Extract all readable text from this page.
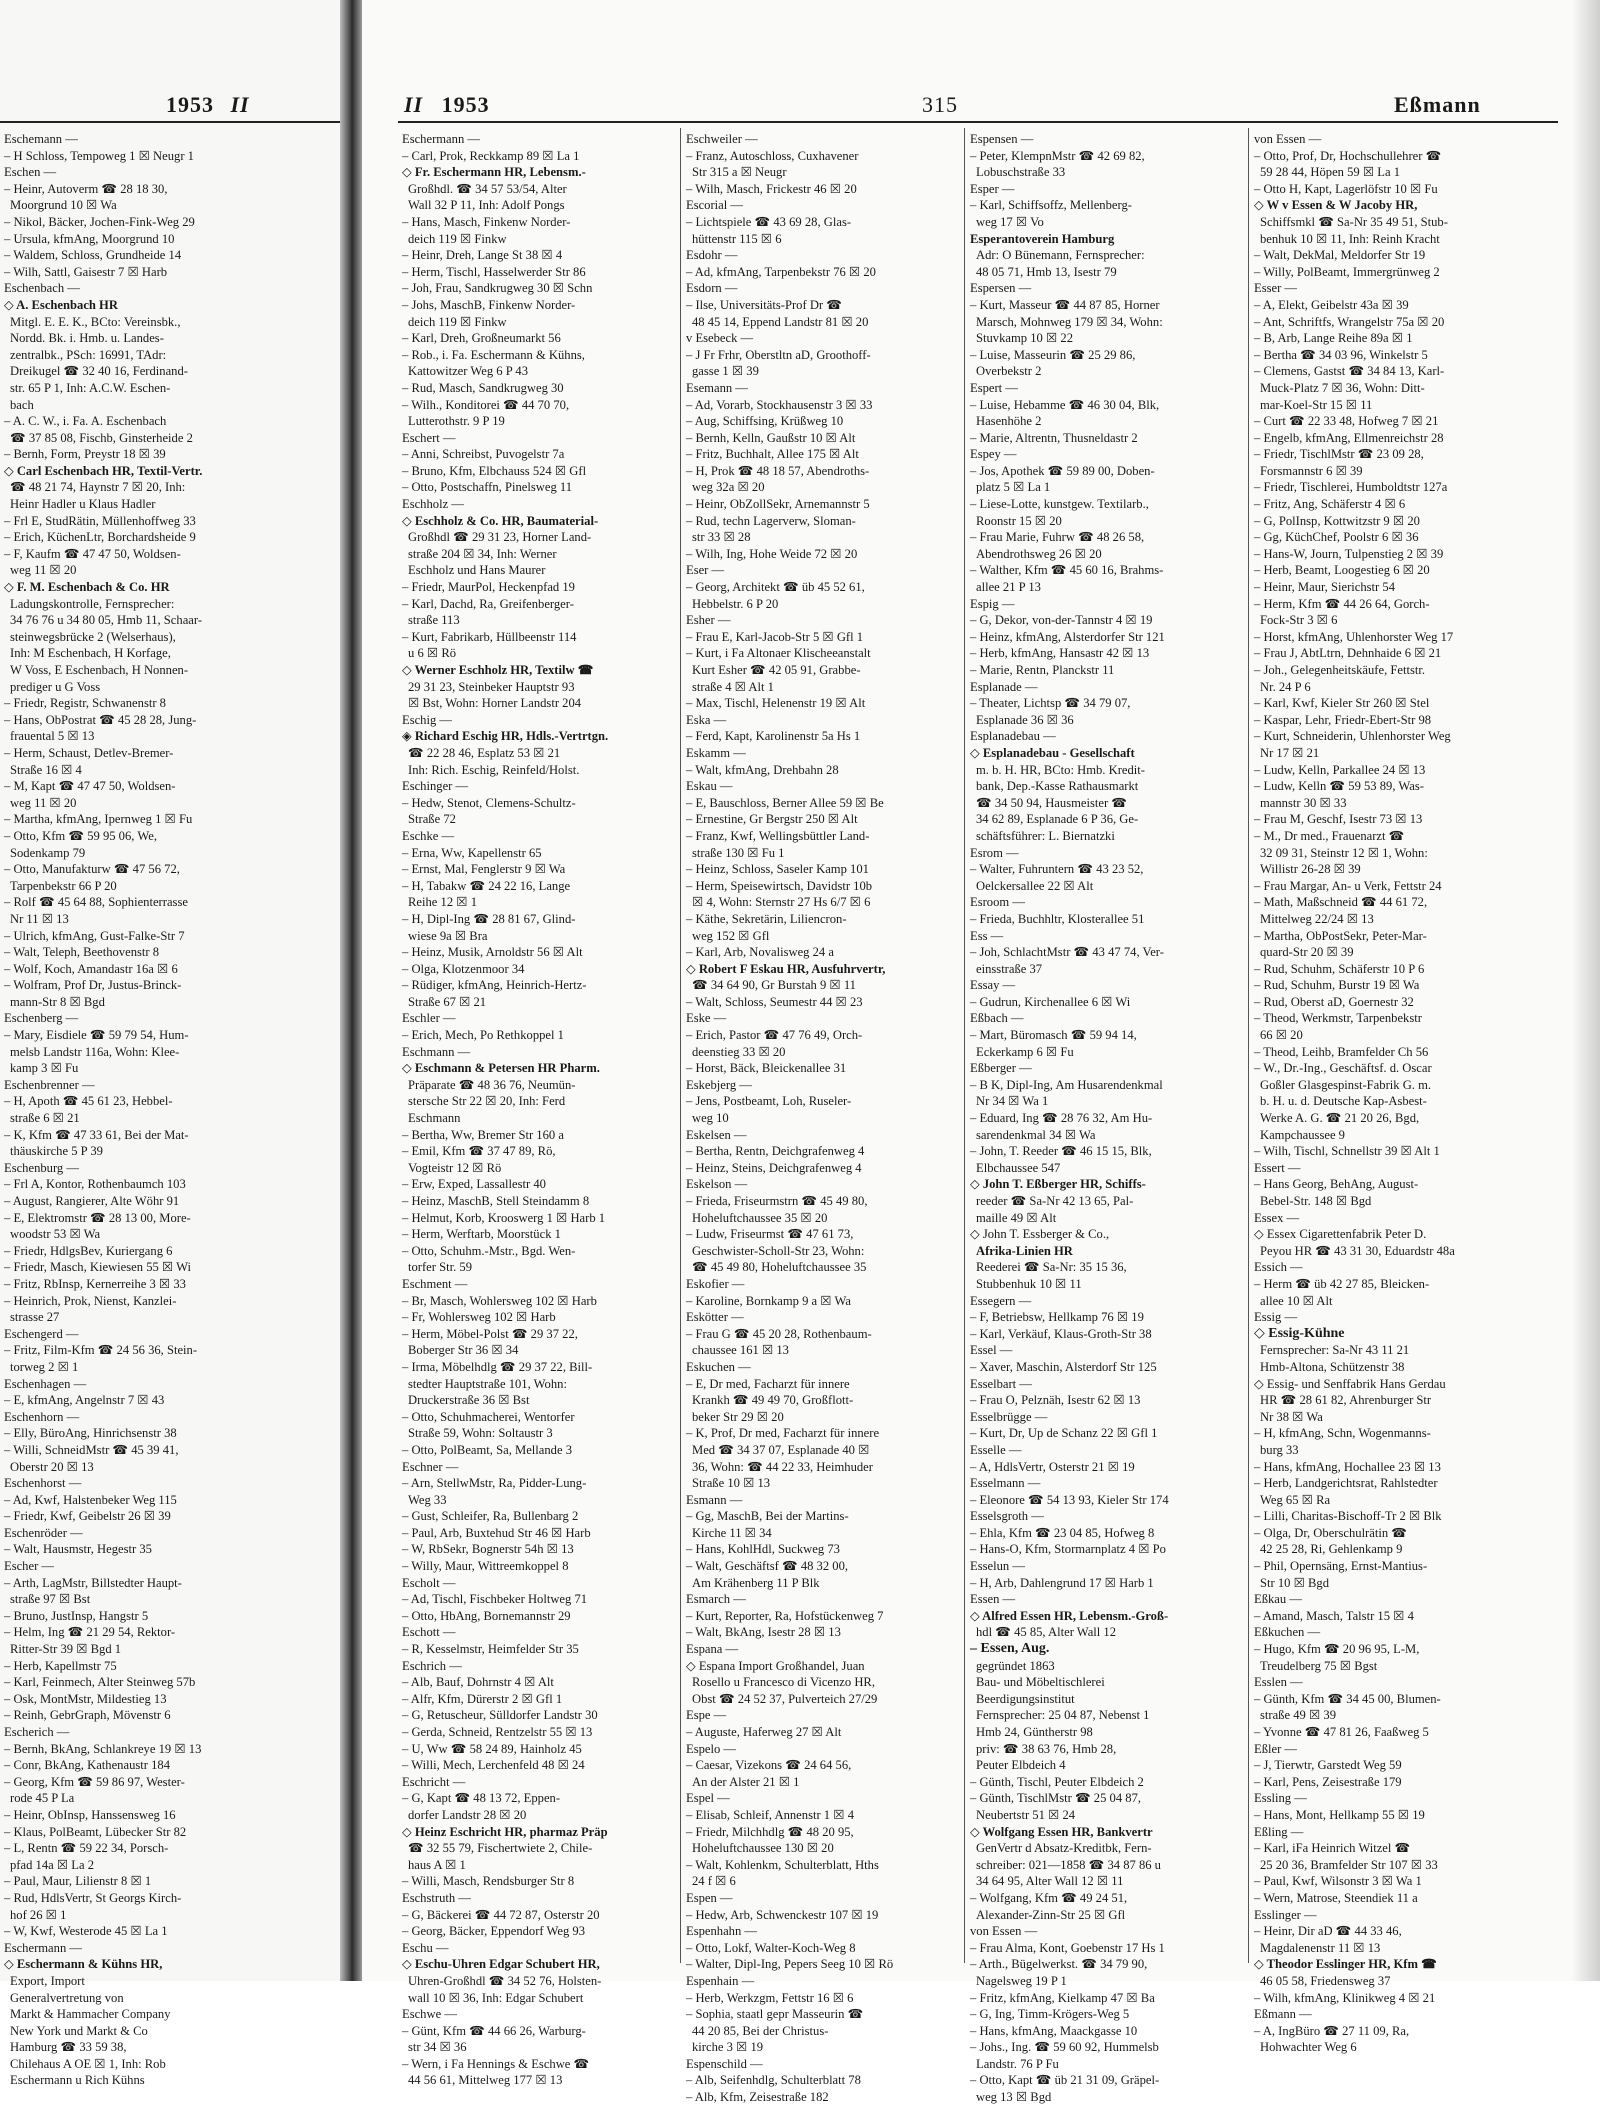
1953 II
Eschemann —
– H Schloss, Tempoweg 1 ☒ Neugr 1
Eschen —
– Heinr, Autoverm ☎ 28 18 30,
Moorgrund 10 ☒ Wa
– Nikol, Bäcker, Jochen-Fink-Weg 29
– Ursula, kfmAng, Moorgrund 10
– Waldem, Schloss, Grundheide 14
– Wilh, Sattl, Gaisestr 7 ☒ Harb
Eschenbach —
◇ A. Eschenbach HR
Mitgl. E. E. K., BCto: Vereinsbk.,
Nordd. Bk. i. Hmb. u. Landes-
zentralbk., PSch: 16991, TAdr:
Dreikugel ☎ 32 40 16, Ferdinand-
str. 65 P 1, Inh: A.C.W. Eschen-
bach
– A. C. W., i. Fa. A. Eschenbach
☎ 37 85 08, Fischb, Ginsterheide 2
– Bernh, Form, Preystr 18 ☒ 39
◇ Carl Eschenbach HR, Textil-Vertr.
☎ 48 21 74, Haynstr 7 ☒ 20, Inh:
Heinr Hadler u Klaus Hadler
– Frl E, StudRätin, Müllenhoffweg 33
– Erich, KüchenLtr, Borchardsheide 9
– F, Kaufm ☎ 47 47 50, Woldsen-
weg 11 ☒ 20
◇ F. M. Eschenbach & Co. HR
Ladungskontrolle, Fernsprecher:
34 76 76 u 34 80 05, Hmb 11, Schaar-
steinwegsbrücke 2 (Welserhaus),
Inh: M Eschenbach, H Korfage,
W Voss, E Eschenbach, H Nonnen-
prediger u G Voss
– Friedr, Registr, Schwanenstr 8
– Hans, ObPostrat ☎ 45 28 28, Jung-
frauental 5 ☒ 13
– Herm, Schaust, Detlev-Bremer-
Straße 16 ☒ 4
– M, Kapt ☎ 47 47 50, Woldsen-
weg 11 ☒ 20
– Martha, kfmAng, Ipernweg 1 ☒ Fu
– Otto, Kfm ☎ 59 95 06, We,
Sodenkamp 79
– Otto, Manufakturw ☎ 47 56 72,
Tarpenbekstr 66 P 20
– Rolf ☎ 45 64 88, Sophienterrasse
Nr 11 ☒ 13
– Ulrich, kfmAng, Gust-Falke-Str 7
– Walt, Teleph, Beethovenstr 8
– Wolf, Koch, Amandastr 16a ☒ 6
– Wolfram, Prof Dr, Justus-Brinck-
mann-Str 8 ☒ Bgd
Eschenberg —
– Mary, Eisdiele ☎ 59 79 54, Hum-
melsb Landstr 116a, Wohn: Klee-
kamp 3 ☒ Fu
Eschenbrenner —
– H, Apoth ☎ 45 61 23, Hebbel-
straße 6 ☒ 21
– K, Kfm ☎ 47 33 61, Bei der Mat-
thäuskirche 5 P 39
Eschenburg —
– Frl A, Kontor, Rothenbaumch 103
– August, Rangierer, Alte Wöhr 91
– E, Elektromstr ☎ 28 13 00, More-
woodstr 53 ☒ Wa
– Friedr, HdlgsBev, Kuriergang 6
– Friedr, Masch, Kiewiesen 55 ☒ Wi
– Fritz, RbInsp, Kernerreihe 3 ☒ 33
– Heinrich, Prok, Nienst, Kanzlei-
strasse 27
Eschengerd —
– Fritz, Film-Kfm ☎ 24 56 36, Stein-
torweg 2 ☒ 1
Eschenhagen —
– E, kfmAng, Angelnstr 7 ☒ 43
Eschenhorn —
– Elly, BüroAng, Hinrichsenstr 38
– Willi, SchneidMstr ☎ 45 39 41,
Oberstr 20 ☒ 13
Eschenhorst —
– Ad, Kwf, Halstenbeker Weg 115
– Friedr, Kwf, Geibelstr 26 ☒ 39
Eschenröder —
– Walt, Hausmstr, Hegestr 35
Escher —
– Arth, LagMstr, Billstedter Haupt-
straße 97 ☒ Bst
– Bruno, JustInsp, Hangstr 5
– Helm, Ing ☎ 21 29 54, Rektor-
Ritter-Str 39 ☒ Bgd 1
– Herb, Kapellmstr 75
– Karl, Feinmech, Alter Steinweg 57b
– Osk, MontMstr, Mildestieg 13
– Reinh, GebrGraph, Mövenstr 6
Escherich —
– Bernh, BkAng, Schlankreye 19 ☒ 13
– Conr, BkAng, Kathenaustr 184
– Georg, Kfm ☎ 59 86 97, Wester-
rode 45 P La
– Heinr, ObInsp, Hanssensweg 16
– Klaus, PolBeamt, Lübecker Str 82
– L, Rentn ☎ 59 22 34, Porsch-
pfad 14a ☒ La 2
– Paul, Maur, Lilienstr 8 ☒ 1
– Rud, HdlsVertr, St Georgs Kirch-
hof 26 ☒ 1
– W, Kwf, Westerode 45 ☒ La 1
Eschermann —
◇ Eschermann & Kühns HR,
Export, Import
Generalvertretung von
Markt & Hammacher Company
New York und Markt & Co
Hamburg ☎ 33 59 38,
Chilehaus A OE ☒ 1, Inh: Rob
Eschermann u Rich Kühns
II 1953	315	Eßmann
Eschermann —
– Carl, Prok, Reckkamp 89 ☒ La 1
◇ Fr. Eschermann HR, Lebensm.-
Großhdl. ☎ 34 57 53/54, Alter
Wall 32 P 11, Inh: Adolf Pongs
– Hans, Masch, Finkenw Norder-
deich 119 ☒ Finkw
– Heinr, Dreh, Lange St 38 ☒ 4
– Herm, Tischl, Hasselwerder Str 86
– Joh, Frau, Sandkrugweg 30 ☒ Schn
– Johs, MaschB, Finkenw Norder-
deich 119 ☒ Finkw
– Karl, Dreh, Großneumarkt 56
– Rob., i. Fa. Eschermann & Kühns,
Kattowitzer Weg 6 P 43
– Rud, Masch, Sandkrugweg 30
– Wilh., Konditorei ☎ 44 70 70,
Lutterothstr. 9 P 19
Eschert —
– Anni, Schreibst, Puvogelstr 7a
– Bruno, Kfm, Elbchauss 524 ☒ Gfl
– Otto, Postschaffn, Pinelsweg 11
Eschholz —
◇ Eschholz & Co. HR, Baumaterial-
Großhdl ☎ 29 31 23, Horner Land-
straße 204 ☒ 34, Inh: Werner
Eschholz und Hans Maurer
– Friedr, MaurPol, Heckenpfad 19
– Karl, Dachd, Ra, Greifenberger-
straße 113
– Kurt, Fabrikarb, Hüllbeenstr 114
u 6 ☒ Rö
◇ Werner Eschholz HR, Textilw ☎
29 31 23, Steinbeker Hauptstr 93
☒ Bst, Wohn: Horner Landstr 204
Eschig —
◈ Richard Eschig HR, Hdls.-Vertrtgn.
☎ 22 28 46, Esplatz 53 ☒ 21
Inh: Rich. Eschig, Reinfeld/Holst.
Eschinger —
– Hedw, Stenot, Clemens-Schultz-
Straße 72
Eschke —
– Erna, Ww, Kapellenstr 65
– Ernst, Mal, Fenglerstr 9 ☒ Wa
– H, Tabakw ☎ 24 22 16, Lange
Reihe 12 ☒ 1
– H, Dipl-Ing ☎ 28 81 67, Glind-
wiese 9a ☒ Bra
– Heinz, Musik, Arnoldstr 56 ☒ Alt
– Olga, Klotzenmoor 34
– Rüdiger, kfmAng, Heinrich-Hertz-
Straße 67 ☒ 21
Eschler —
– Erich, Mech, Po Rethkoppel 1
Eschmann —
◇ Eschmann & Petersen HR Pharm.
Präparate ☎ 48 36 76, Neumün-
stersche Str 22 ☒ 20, Inh: Ferd
Eschmann
– Bertha, Ww, Bremer Str 160 a
– Emil, Kfm ☎ 37 47 89, Rö,
Vogteistr 12 ☒ Rö
– Erw, Exped, Lassallestr 40
– Heinz, MaschB, Stell Steindamm 8
– Helmut, Korb, Krooswerg 1 ☒ Harb 1
– Herm, Werftarb, Moorstück 1
– Otto, Schuhm.-Mstr., Bgd. Wen-
torfer Str. 59
Eschment —
– Br, Masch, Wohlersweg 102 ☒ Harb
– Fr, Wohlersweg 102 ☒ Harb
– Herm, Möbel-Polst ☎ 29 37 22,
Boberger Str 36 ☒ 34
– Irma, Möbelhdlg ☎ 29 37 22, Bill-
stedter Hauptstraße 101, Wohn:
Druckerstraße 36 ☒ Bst
– Otto, Schuhmacherei, Wentorfer
Straße 59, Wohn: Soltaustr 3
– Otto, PolBeamt, Sa, Mellande 3
Eschner —
– Arn, StellwMstr, Ra, Pidder-Lung-
Weg 33
– Gust, Schleifer, Ra, Bullenbarg 2
– Paul, Arb, Buxtehud Str 46 ☒ Harb
– W, RbSekr, Bognerstr 54h ☒ 13
– Willy, Maur, Wittreemkoppel 8
Escholt —
– Ad, Tischl, Fischbeker Holtweg 71
– Otto, HbAng, Bornemannstr 29
Eschott —
– R, Kesselmstr, Heimfelder Str 35
Eschrich —
– Alb, Bauf, Dohrnstr 4 ☒ Alt
– Alfr, Kfm, Dürerstr 2 ☒ Gfl 1
– G, Retuscheur, Sülldorfer Landstr 30
– Gerda, Schneid, Rentzelstr 55 ☒ 13
– U, Ww ☎ 58 24 89, Hainholz 45
– Willi, Mech, Lerchenfeld 48 ☒ 24
Eschricht —
– G, Kapt ☎ 48 13 72, Eppen-
dorfer Landstr 28 ☒ 20
◇ Heinz Eschricht HR, pharmaz Präp
☎ 32 55 79, Fischertwiete 2, Chile-
haus A ☒ 1
– Willi, Masch, Rendsburger Str 8
Eschstruth —
– G, Bäckerei ☎ 44 72 87, Osterstr 20
– Georg, Bäcker, Eppendorf Weg 93
Eschu —
◇ Eschu-Uhren Edgar Schubert HR,
Uhren-Großhdl ☎ 34 52 76, Holsten-
wall 10 ☒ 36, Inh: Edgar Schubert
Eschwe —
– Günt, Kfm ☎ 44 66 26, Warburg-
str 34 ☒ 36
– Wern, i Fa Hennings & Eschwe ☎
44 56 61, Mittelweg 177 ☒ 13
Eschweiler —
– Franz, Autoschloss, Cuxhavener
Str 315 a ☒ Neugr
– Wilh, Masch, Frickestr 46 ☒ 20
Escorial —
– Lichtspiele ☎ 43 69 28, Glas-
hüttenstr 115 ☒ 6
Esdohr —
– Ad, kfmAng, Tarpenbekstr 76 ☒ 20
Esdorn —
– Ilse, Universitäts-Prof Dr ☎
48 45 14, Eppend Landstr 81 ☒ 20
v Esebeck —
– J Fr Frhr, Oberstltn aD, Groothoff-
gasse 1 ☒ 39
Esemann —
– Ad, Vorarb, Stockhausenstr 3 ☒ 33
– Aug, Schiffsing, Krüßweg 10
– Bernh, Kelln, Gaußstr 10 ☒ Alt
– Fritz, Buchhalt, Allee 175 ☒ Alt
– H, Prok ☎ 48 18 57, Abendroths-
weg 32a ☒ 20
– Heinr, ObZollSekr, Arnemannstr 5
– Rud, techn Lagerverw, Sloman-
str 33 ☒ 28
– Wilh, Ing, Hohe Weide 72 ☒ 20
Eser —
– Georg, Architekt ☎ üb 45 52 61,
Hebbelstr. 6 P 20
Esher —
– Frau E, Karl-Jacob-Str 5 ☒ Gfl 1
– Kurt, i Fa Altonaer Klischeeanstalt
Kurt Esher ☎ 42 05 91, Grabbe-
straße 4 ☒ Alt 1
– Max, Tischl, Helenenstr 19 ☒ Alt
Eska —
– Ferd, Kapt, Karolinenstr 5a Hs 1
Eskamm —
– Walt, kfmAng, Drehbahn 28
Eskau —
– E, Bauschloss, Berner Allee 59 ☒ Be
– Ernestine, Gr Bergstr 250 ☒ Alt
– Franz, Kwf, Wellingsbüttler Land-
straße 130 ☒ Fu 1
– Heinz, Schloss, Saseler Kamp 101
– Herm, Speisewirtsch, Davidstr 10b
☒ 4, Wohn: Sternstr 27 Hs 6/7 ☒ 6
– Käthe, Sekretärin, Liliencron-
weg 152 ☒ Gfl
– Karl, Arb, Novalisweg 24 a
◇ Robert F Eskau HR, Ausfuhrvertr,
☎ 34 64 90, Gr Burstah 9 ☒ 11
– Walt, Schloss, Seumestr 44 ☒ 23
Eske —
– Erich, Pastor ☎ 47 76 49, Orch-
deenstieg 33 ☒ 20
– Horst, Bäck, Bleickenallee 31
Eskebjerg —
– Jens, Postbeamt, Loh, Ruseler-
weg 10
Eskelsen —
– Bertha, Rentn, Deichgrafenweg 4
– Heinz, Steins, Deichgrafenweg 4
Eskelson —
– Frieda, Friseurmstrn ☎ 45 49 80,
Hoheluftchaussee 35 ☒ 20
– Ludw, Friseurmst ☎ 47 61 73,
Geschwister-Scholl-Str 23, Wohn:
☎ 45 49 80, Hoheluftchaussee 35
Eskofier —
– Karoline, Bornkamp 9 a ☒ Wa
Eskötter —
– Frau G ☎ 45 20 28, Rothenbaum-
chaussee 161 ☒ 13
Eskuchen —
– E, Dr med, Facharzt für innere
Krankh ☎ 49 49 70, Großflott-
beker Str 29 ☒ 20
– K, Prof, Dr med, Facharzt für innere
Med ☎ 34 37 07, Esplanade 40 ☒
36, Wohn: ☎ 44 22 33, Heimhuder
Straße 10 ☒ 13
Esmann —
– Gg, MaschB, Bei der Martins-
Kirche 11 ☒ 34
– Hans, KohlHdl, Suckweg 73
– Walt, Geschäftsf ☎ 48 32 00,
Am Krähenberg 11 P Blk
Esmarch —
– Kurt, Reporter, Ra, Hofstückenweg 7
– Walt, BkAng, Isestr 28 ☒ 13
Espana —
◇ Espana Import Großhandel, Juan
Rosello u Francesco di Vicenzo HR,
Obst ☎ 24 52 37, Pulverteich 27/29
Espe —
– Auguste, Haferweg 27 ☒ Alt
Espelo —
– Caesar, Vizekons ☎ 24 64 56,
An der Alster 21 ☒ 1
Espel —
– Elisab, Schleif, Annenstr 1 ☒ 4
– Friedr, Milchhdlg ☎ 48 20 95,
Hoheluftchaussee 130 ☒ 20
– Walt, Kohlenkm, Schulterblatt, Hths
24 f ☒ 6
Espen —
– Hedw, Arb, Schwenckestr 107 ☒ 19
Espenhahn —
– Otto, Lokf, Walter-Koch-Weg 8
– Walter, Dipl-Ing, Pepers Seeg 10 ☒ Rö
Espenhain —
– Herb, Werkzgm, Fettstr 16 ☒ 6
– Sophia, staatl gepr Masseurin ☎
44 20 85, Bei der Christus-
kirche 3 ☒ 19
Espenschild —
– Alb, Seifenhdlg, Schulterblatt 78
– Alb, Kfm, Zeisestraße 182
Espensen —
– Peter, KlempnMstr ☎ 42 69 82,
Lobuschstraße 33
Esper —
– Karl, Schiffsoffz, Mellenberg-
weg 17 ☒ Vo
Esperantoverein Hamburg
Adr: O Bünemann, Fernsprecher:
48 05 71, Hmb 13, Isestr 79
Espersen —
– Kurt, Masseur ☎ 44 87 85, Horner
Marsch, Mohnweg 179 ☒ 34, Wohn:
Stuvkamp 10 ☒ 22
– Luise, Masseurin ☎ 25 29 86,
Overbekstr 2
Espert —
– Luise, Hebamme ☎ 46 30 04, Blk,
Hasenhöhe 2
– Marie, Altrentn, Thusneldastr 2
Espey —
– Jos, Apothek ☎ 59 89 00, Doben-
platz 5 ☒ La 1
– Liese-Lotte, kunstgew. Textilarb.,
Roonstr 15 ☒ 20
– Frau Marie, Fuhrw ☎ 48 26 58,
Abendrothsweg 26 ☒ 20
– Walther, Kfm ☎ 45 60 16, Brahms-
allee 21 P 13
Espig —
– G, Dekor, von-der-Tannstr 4 ☒ 19
– Heinz, kfmAng, Alsterdorfer Str 121
– Herb, kfmAng, Hansastr 42 ☒ 13
– Marie, Rentn, Planckstr 11
Esplanade —
– Theater, Lichtsp ☎ 34 79 07,
Esplanade 36 ☒ 36
Esplanadebau —
◇ Esplanadebau - Gesellschaft
m. b. H. HR, BCto: Hmb. Kredit-
bank, Dep.-Kasse Rathausmarkt
☎ 34 50 94, Hausmeister ☎
34 62 89, Esplanade 6 P 36, Ge-
schäftsführer: L. Biernatzki
Esrom —
– Walter, Fuhruntern ☎ 43 23 52,
Oelckersallee 22 ☒ Alt
Esroom —
– Frieda, Buchhltr, Klosterallee 51
Ess —
– Joh, SchlachtMstr ☎ 43 47 74, Ver-
einsstraße 37
Essay —
– Gudrun, Kirchenallee 6 ☒ Wi
Eßbach —
– Mart, Büromasch ☎ 59 94 14,
Eckerkamp 6 ☒ Fu
Eßberger —
– B K, Dipl-Ing, Am Husarendenkmal
Nr 34 ☒ Wa 1
– Eduard, Ing ☎ 28 76 32, Am Hu-
sarendenkmal 34 ☒ Wa
– John, T. Reeder ☎ 46 15 15, Blk,
Elbchaussee 547
◇ John T. Eßberger HR, Schiffs-
reeder ☎ Sa-Nr 42 13 65, Pal-
maille 49 ☒ Alt
◇ John T. Essberger & Co.,
Afrika-Linien HR
Reederei ☎ Sa-Nr: 35 15 36,
Stubbenhuk 10 ☒ 11
Essegern —
– F, Betriebsw, Hellkamp 76 ☒ 19
– Karl, Verkäuf, Klaus-Groth-Str 38
Essel —
– Xaver, Maschin, Alsterdorf Str 125
Esselbart —
– Frau O, Pelznäh, Isestr 62 ☒ 13
Esselbrügge —
– Kurt, Dr, Up de Schanz 22 ☒ Gfl 1
Esselle —
– A, HdlsVertr, Osterstr 21 ☒ 19
Esselmann —
– Eleonore ☎ 54 13 93, Kieler Str 174
Esselsgroth —
– Ehla, Kfm ☎ 23 04 85, Hofweg 8
– Hans-O, Kfm, Stormarnplatz 4 ☒ Po
Esselun —
– H, Arb, Dahlengrund 17 ☒ Harb 1
Essen —
◇ Alfred Essen HR, Lebensm.-Groß-
hdl ☎ 45 85, Alter Wall 12
– Essen, Aug.
gegründet 1863
Bau- und Möbeltischlerei
Beerdigungsinstitut
Fernsprecher: 25 04 87, Nebenst 1
Hmb 24, Güntherstr 98
priv: ☎ 38 63 76, Hmb 28,
Peuter Elbdeich 4
– Günth, Tischl, Peuter Elbdeich 2
– Günth, TischlMstr ☎ 25 04 87,
Neubertstr 51 ☒ 24
◇ Wolfgang Essen HR, Bankvertr
GenVertr d Absatz-Kreditbk, Fern-
schreiber: 021—1858 ☎ 34 87 86 u
34 64 95, Alter Wall 12 ☒ 11
– Wolfgang, Kfm ☎ 49 24 51,
Alexander-Zinn-Str 25 ☒ Gfl
von Essen —
– Frau Alma, Kont, Goebenstr 17 Hs 1
– Arth., Bügelwerkst. ☎ 34 79 90,
Nagelsweg 19 P 1
– Fritz, kfmAng, Kielkamp 47 ☒ Ba
– G, Ing, Timm-Krögers-Weg 5
– Hans, kfmAng, Maackgasse 10
– Johs., Ing. ☎ 59 60 92, Hummelsb
Landstr. 76 P Fu
– Otto, Kapt ☎ üb 21 31 09, Gräpel-
weg 13 ☒ Bgd
von Essen —
– Otto, Prof, Dr, Hochschullehrer ☎
59 28 44, Höpen 59 ☒ La 1
– Otto H, Kapt, Lagerlöfstr 10 ☒ Fu
◇ W v Essen & W Jacoby HR,
Schiffsmkl ☎ Sa-Nr 35 49 51, Stub-
benhuk 10 ☒ 11, Inh: Reinh Kracht
– Walt, DekMal, Meldorfer Str 19
– Willy, PolBeamt, Immergrünweg 2
Esser —
– A, Elekt, Geibelstr 43a ☒ 39
– Ant, Schriftfs, Wrangelstr 75a ☒ 20
– B, Arb, Lange Reihe 89a ☒ 1
– Bertha ☎ 34 03 96, Winkelstr 5
– Clemens, Gastst ☎ 34 84 13, Karl-
Muck-Platz 7 ☒ 36, Wohn: Ditt-
mar-Koel-Str 15 ☒ 11
– Curt ☎ 22 33 48, Hofweg 7 ☒ 21
– Engelb, kfmAng, Ellmenreichstr 28
– Friedr, TischlMstr ☎ 23 09 28,
Forsmannstr 6 ☒ 39
– Friedr, Tischlerei, Humboldtstr 127a
– Fritz, Ang, Schäferstr 4 ☒ 6
– G, PolInsp, Kottwitzstr 9 ☒ 20
– Gg, KüchChef, Poolstr 6 ☒ 36
– Hans-W, Journ, Tulpenstieg 2 ☒ 39
– Herb, Beamt, Loogestieg 6 ☒ 20
– Heinr, Maur, Sierichstr 54
– Herm, Kfm ☎ 44 26 64, Gorch-
Fock-Str 3 ☒ 6
– Horst, kfmAng, Uhlenhorster Weg 17
– Frau J, AbtLtrn, Dehnhaide 6 ☒ 21
– Joh., Gelegenheitskäufe, Fettstr.
Nr. 24 P 6
– Karl, Kwf, Kieler Str 260 ☒ Stel
– Kaspar, Lehr, Friedr-Ebert-Str 98
– Kurt, Schneiderin, Uhlenhorster Weg
Nr 17 ☒ 21
– Ludw, Kelln, Parkallee 24 ☒ 13
– Ludw, Kelln ☎ 59 53 89, Was-
mannstr 30 ☒ 33
– Frau M, Geschf, Isestr 73 ☒ 13
– M., Dr med., Frauenarzt ☎
32 09 31, Steinstr 12 ☒ 1, Wohn:
Willistr 26-28 ☒ 39
– Frau Margar, An- u Verk, Fettstr 24
– Math, Maßschneid ☎ 44 61 72,
Mittelweg 22/24 ☒ 13
– Martha, ObPostSekr, Peter-Mar-
quard-Str 20 ☒ 39
– Rud, Schuhm, Schäferstr 10 P 6
– Rud, Schuhm, Burstr 19 ☒ Wa
– Rud, Oberst aD, Goernestr 32
– Theod, Werkmstr, Tarpenbekstr
66 ☒ 20
– Theod, Leihb, Bramfelder Ch 56
– W., Dr.-Ing., Geschäftsf. d. Oscar
Goßler Glasgespinst-Fabrik G. m.
b. H. u. d. Deutsche Kap-Asbest-
Werke A. G. ☎ 21 20 26, Bgd,
Kampchaussee 9
– Wilh, Tischl, Schnellstr 39 ☒ Alt 1
Essert —
– Hans Georg, BehAng, August-
Bebel-Str. 148 ☒ Bgd
Essex —
◇ Essex Cigarettenfabrik Peter D.
Peyou HR ☎ 43 31 30, Eduardstr 48a
Essich —
– Herm ☎ üb 42 27 85, Bleicken-
allee 10 ☒ Alt
Essig —
◇ Essig-Kühne
Fernsprecher: Sa-Nr 43 11 21
Hmb-Altona, Schützenstr 38
◇ Essig- und Senffabrik Hans Gerdau
HR ☎ 28 61 82, Ahrenburger Str
Nr 38 ☒ Wa
– H, kfmAng, Schn, Wogenmanns-
burg 33
– Hans, kfmAng, Hochallee 23 ☒ 13
– Herb, Landgerichtsrat, Rahlstedter
Weg 65 ☒ Ra
– Lilli, Charitas-Bischoff-Tr 2 ☒ Blk
– Olga, Dr, Oberschulrätin ☎
42 25 28, Ri, Gehlenkamp 9
– Phil, Opernsäng, Ernst-Mantius-
Str 10 ☒ Bgd
Eßkau —
– Amand, Masch, Talstr 15 ☒ 4
Eßkuchen —
– Hugo, Kfm ☎ 20 96 95, L-M,
Treudelberg 75 ☒ Bgst
Esslen —
– Günth, Kfm ☎ 34 45 00, Blumen-
straße 49 ☒ 39
– Yvonne ☎ 47 81 26, Faaßweg 5
Eßler —
– J, Tierwtr, Garstedt Weg 59
– Karl, Pens, Zeisestraße 179
Essling —
– Hans, Mont, Hellkamp 55 ☒ 19
Eßling —
– Karl, iFa Heinrich Witzel ☎
25 20 36, Bramfelder Str 107 ☒ 33
– Paul, Kwf, Wilsonstr 3 ☒ Wa 1
– Wern, Matrose, Steendiek 11 a
Esslinger —
– Heinr, Dir aD ☎ 44 33 46,
Magdalenenstr 11 ☒ 13
◇ Theodor Esslinger HR, Kfm ☎
46 05 58, Friedensweg 37
– Wilh, kfmAng, Klinikweg 4 ☒ 21
Eßmann —
– A, IngBüro ☎ 27 11 09, Ra,
Hohwachter Weg 6
